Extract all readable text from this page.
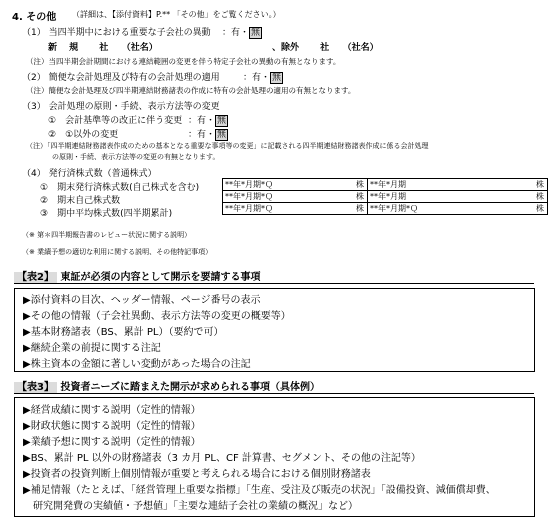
4. その他 （詳細は、【添付資料】P.** 「その他」をご覧ください。）
（1） 当四半期中における重要な子会社の異動 ：有・ 無
新　 規　　 社　　（社名）	、除外　　 社　　（社名）
（注）当四半期会計期間における連結範囲の変更を伴う特定子会社の異動の有無となります。
（2） 簡便な会計処理及び特有の会計処理の適用	：有・ 無
（注）簡便な会計処理及び四半期連結財務諸表の作成に特有の会計処理の適用の有無となります。
（3） 会計処理の原則・手続、表示方法等の変更
①　会計基準等の改正に伴う変更 ：有・ 無
②　①以外の変更	：有・ 無
（注）「四半期連結財務諸表作成のための基本となる重要な事項等の変更」に記載される四半期連結財務諸表作成に係る会計処理
の原則・手続、表示方法等の変更の有無となります。
（4） 発行済株式数（普通株式）
①　期末発行済株式数(自己株式を含む)
②　期末自己株式数
③　期中平均株式数(四半期累計)
**年*月期*Ｑ 株	**年*月期 株

**年*月期*Ｑ 株	**年*月期 株

**年*月期*Ｑ 株	**年*月期*Ｑ 株
（※ 第＊四半期報告書のレビュー状況に関する説明）
（※ 業績予想の適切な利用に関する説明、その他特記事項）
【表2】 東証が必須の内容として開示を要請する事項
▶添付資料の目次、ヘッダー情報、ページ番号の表示
▶その他の情報（子会社異動、表示方法等の変更の概要等）
▶基本財務諸表（BS、累計 PL）（要約で可）
▶継続企業の前提に関する注記
▶株主資本の金額に著しい変動があった場合の注記
【表3】 投資者ニーズに踏まえた開示が求められる事項（具体例）
▶経営成績に関する説明（定性的情報）
▶財政状態に関する説明（定性的情報）
▶業績予想に関する説明（定性的情報）
▶BS、累計 PL 以外の財務諸表（3 カ月 PL、CF 計算書、セグメント、その他の注記等）
▶投資者の投資判断上個別情報が重要と考えられる場合における個別財務諸表
▶補足情報（たとえば、「経営管理上重要な指標」「生産、受注及び販売の状況」「設備投資、減価償却費、
　研究開発費の実績値・予想値」「主要な連結子会社の業績の概況」など）
